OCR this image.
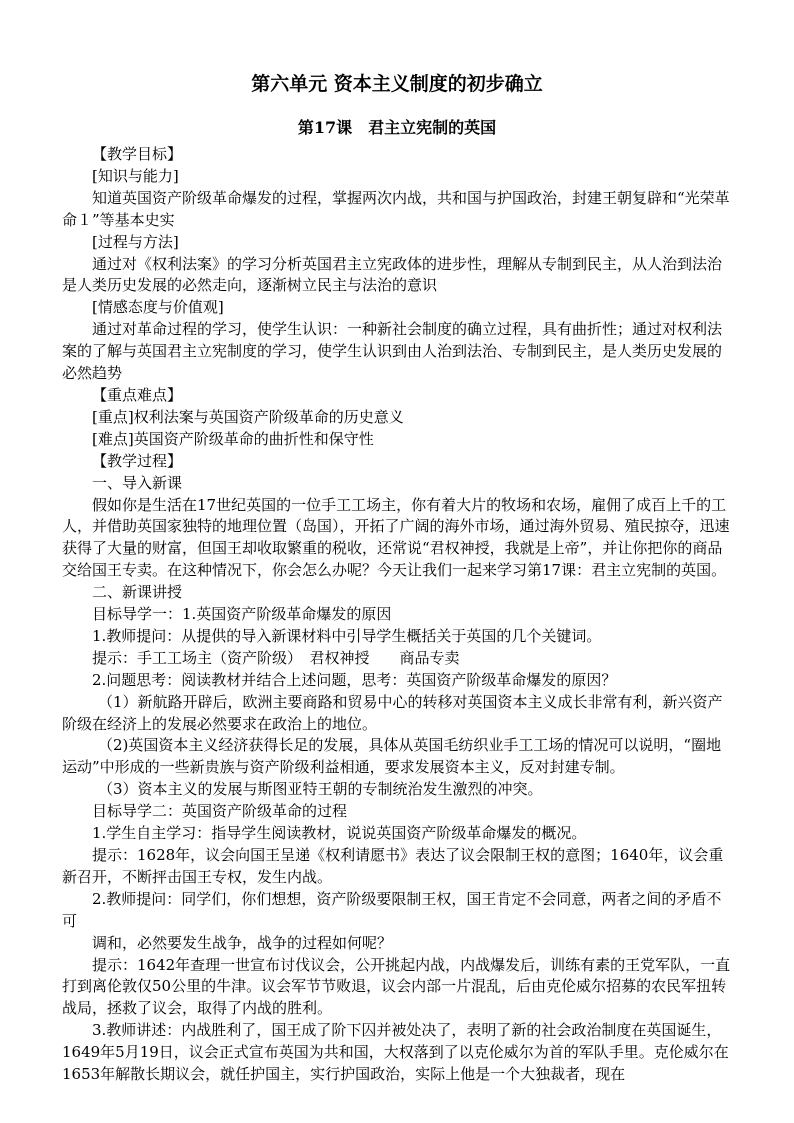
第六单元 资本主义制度的初步确立
第17课　君主立宪制的英国

【教学目标】

[知识与能力]

知道英国资产阶级革命爆发的过程，掌握两次内战，共和国与护国政治，封建王朝复辟和“光荣革命１”等基本史实

[过程与方法]

通过对《权利法案》的学习分析英国君主立宪政体的进步性，理解从专制到民主，从人治到法治是人类历史发展的必然走向，逐渐树立民主与法治的意识

[情感态度与价值观]

通过对革命过程的学习，使学生认识：一种新社会制度的确立过程，具有曲折性；通过对权利法案的了解与英国君主立宪制度的学习，使学生认识到由人治到法治、专制到民主，是人类历史发展的必然趋势

【重点难点】

[重点]权利法案与英国资产阶级革命的历史意义

[难点]英国资产阶级革命的曲折性和保守性

【教学过程】

一、导入新课

假如你是生活在17世纪英国的一位手工工场主，你有着大片的牧场和农场，雇佣了成百上千的工人，并借助英国家独特的地理位置（岛国），开拓了广阔的海外市场，通过海外贸易、殖民掠夺，迅速获得了大量的财富，但国王却收取繁重的税收，还常说“君权神授，我就是上帝”，并让你把你的商品交给国王专卖。在这种情况下，你会怎么办呢？今天让我们一起来学习第17课：君主立宪制的英国。

二、新课讲授

目标导学一：1.英国资产阶级革命爆发的原因

1.教师提问：从提供的导入新课材料中引导学生概括关于英国的几个关键词。

提示：手工工场主（资产阶级）　君权神授　　商品专卖

2.问题思考：阅读教材并结合上述问题，思考：英国资产阶级革命爆发的原因？

（1）新航路开辟后，欧洲主要商路和贸易中心的转移对英国资本主义成长非常有利，新兴资产阶级在经济上的发展必然要求在政治上的地位。

（2)英国资本主义经济获得长足的发展，具体从英国毛纺织业手工工场的情况可以说明，“圈地运动”中形成的一些新贵族与资产阶级利益相通，要求发展资本主义，反对封建专制。

（3）资本主义的发展与斯图亚特王朝的专制统治发生激烈的冲突。

目标导学二：英国资产阶级革命的过程

1.学生自主学习：指导学生阅读教材，说说英国资产阶级革命爆发的概况。

提示：1628年，议会向国王呈递《权利请愿书》表达了议会限制王权的意图；1640年，议会重新召开，不断抨击国王专权，发生内战。

2.教师提问：同学们，你们想想，资产阶级要限制王权，国王肯定不会同意，两者之间的矛盾不可

调和，必然要发生战争，战争的过程如何呢？

提示：1642年查理一世宣布讨伐议会，公开挑起内战，内战爆发后，训练有素的王党军队，一直打到离伦敦仅50公里的牛津。议会军节节败退，议会内部一片混乱，后由克伦威尔招募的农民军扭转战局，拯救了议会，取得了内战的胜利。

3.教师讲述：内战胜利了，国王成了阶下囚并被处决了，表明了新的社会政治制度在英国诞生，1649年5月19日，议会正式宣布英国为共和国，大权落到了以克伦威尔为首的军队手里。克伦威尔在1653年解散长期议会，就任护国主，实行护国政治，实际上他是一个大独裁者，现在
